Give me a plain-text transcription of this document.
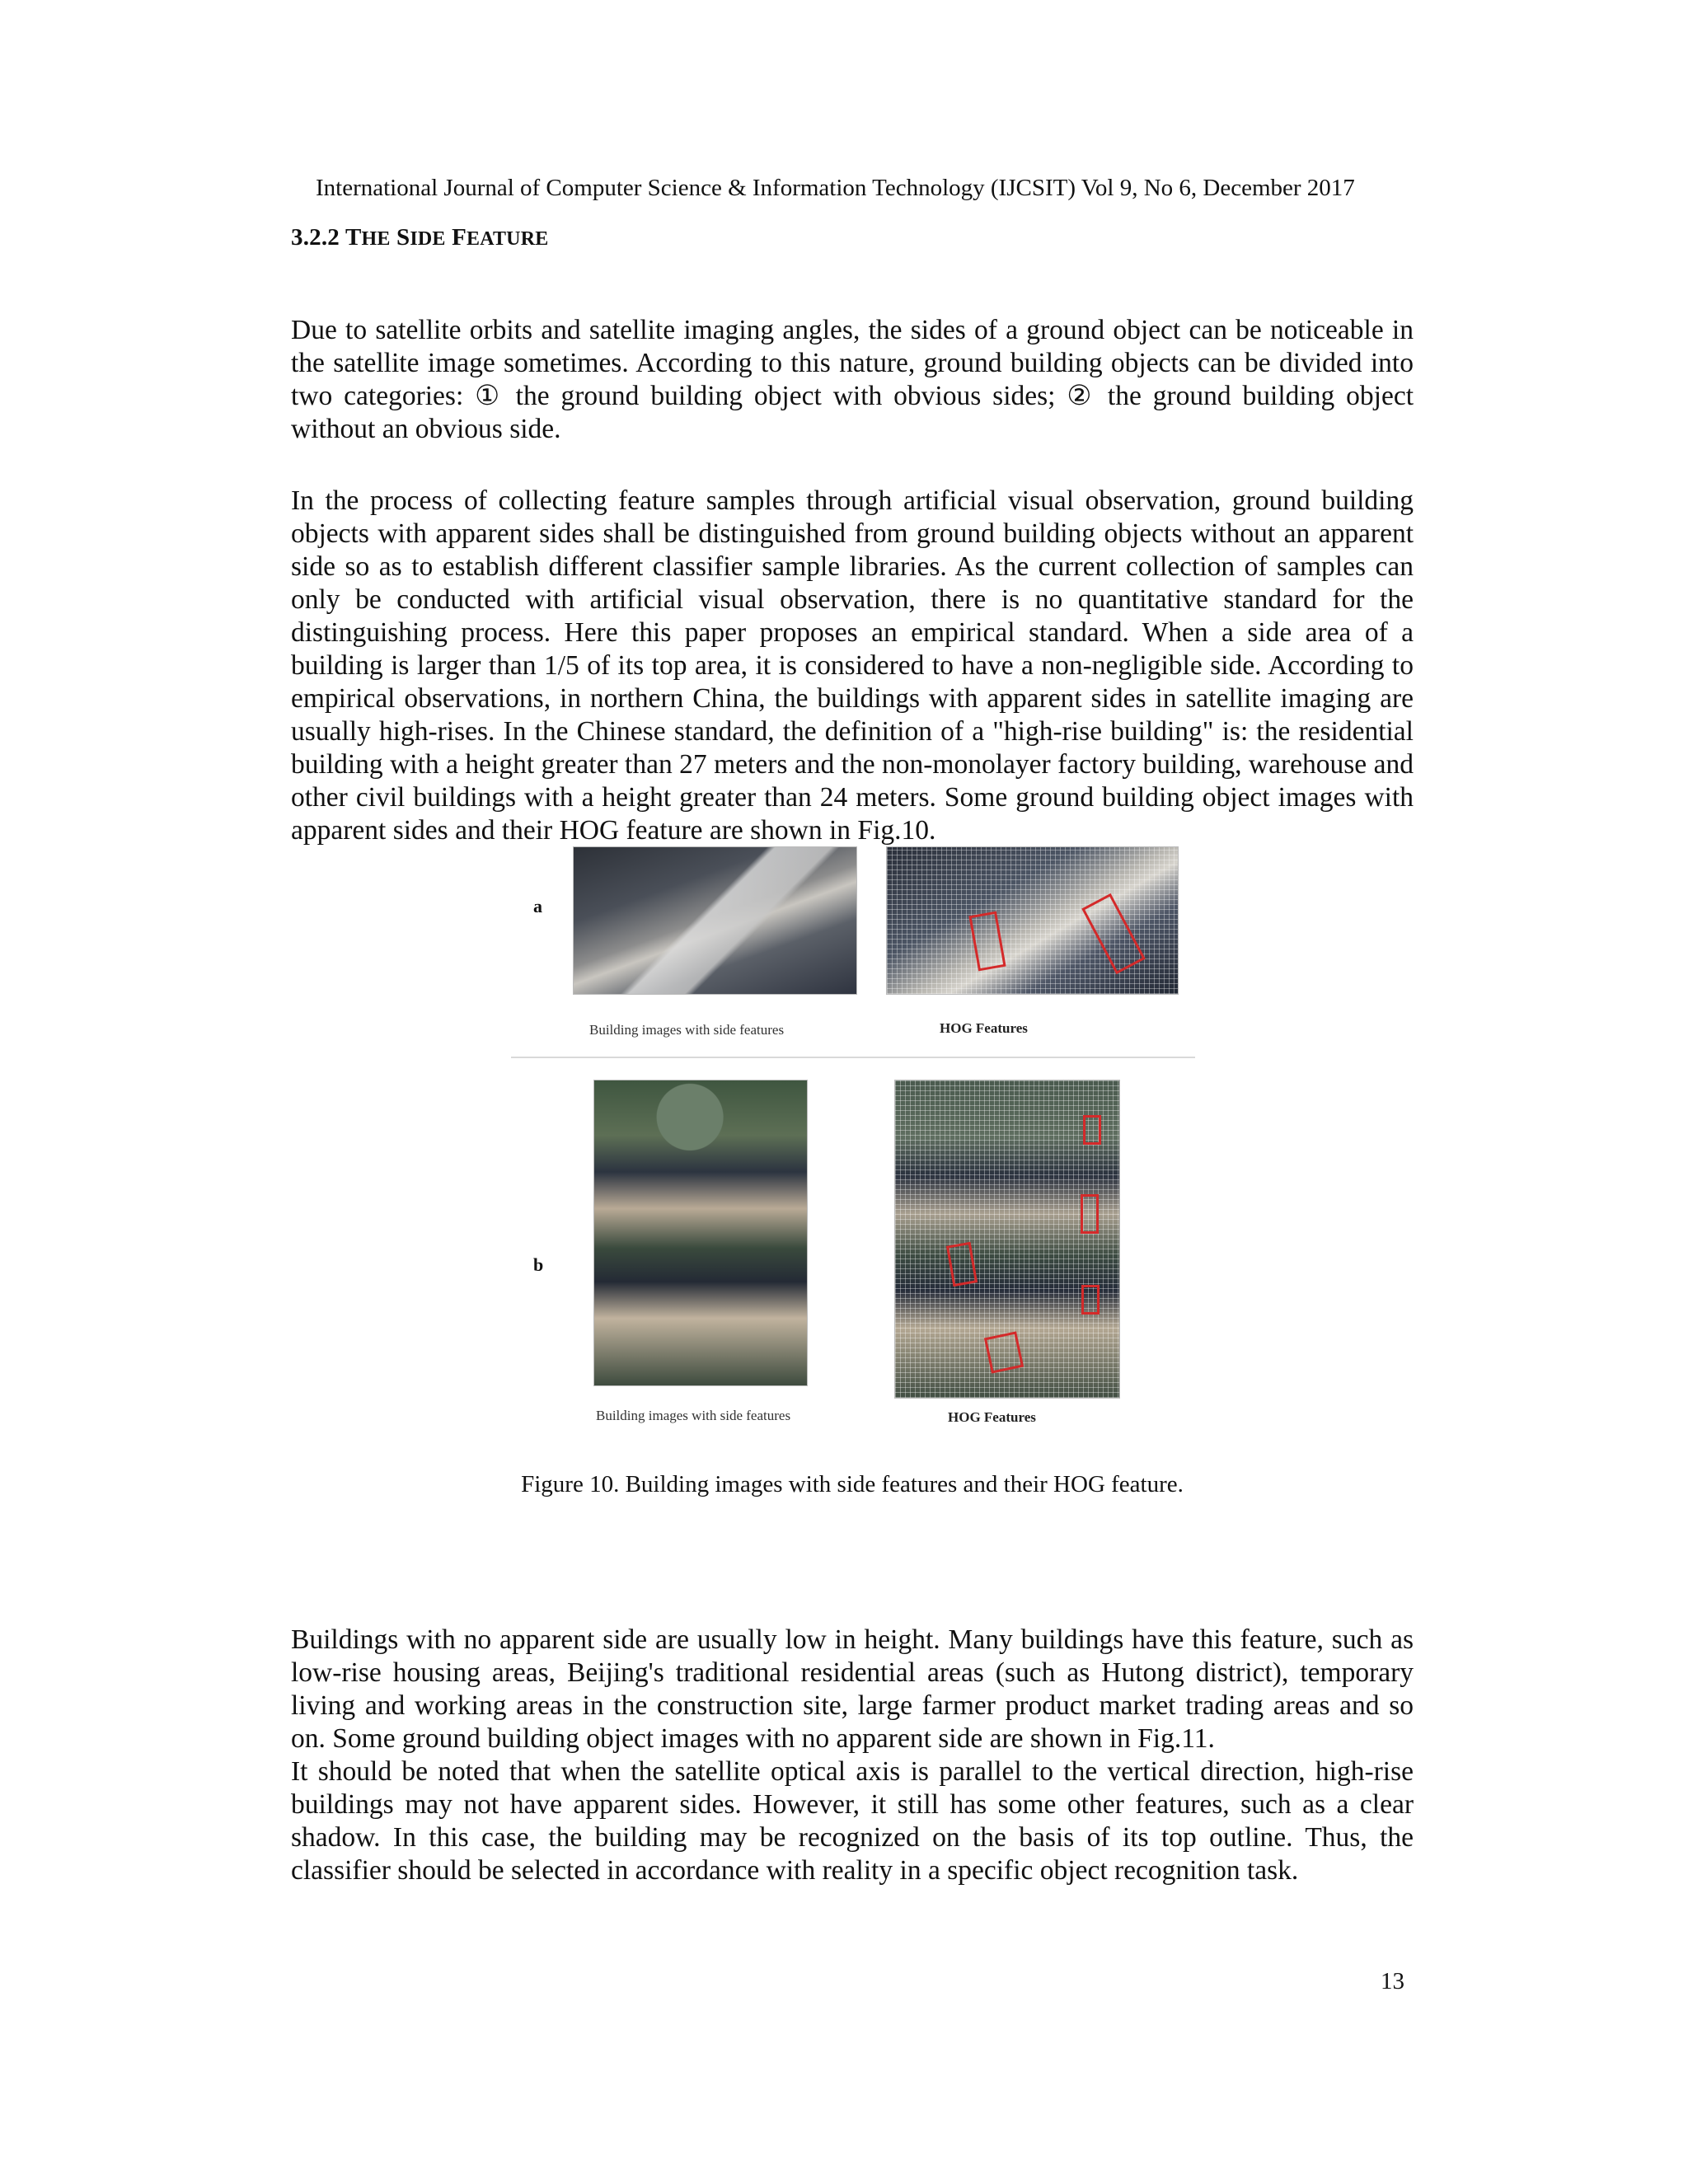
International Journal of Computer Science & Information Technology (IJCSIT) Vol 9, No 6, December 2017
3.2.2 THE SIDE FEATURE

Due to satellite orbits and satellite imaging angles, the sides of a ground object can be noticeable in the satellite image sometimes. According to this nature, ground building objects can be divided into two categories: ① the ground building object with obvious sides; ② the ground building object without an obvious side.

In the process of collecting feature samples through artificial visual observation, ground building objects with apparent sides shall be distinguished from ground building objects without an apparent side so as to establish different classifier sample libraries. As the current collection of samples can only be conducted with artificial visual observation, there is no quantitative standard for the distinguishing process. Here this paper proposes an empirical standard. When a side area of a building is larger than 1/5 of its top area, it is considered to have a non-negligible side. According to empirical observations, in northern China, the buildings with apparent sides in satellite imaging are usually high-rises. In the Chinese standard, the definition of a "high-rise building" is: the residential building with a height greater than 27 meters and the non-monolayer factory building, warehouse and other civil buildings with a height greater than 24 meters. Some ground building object images with apparent sides and their HOG feature are shown in Fig.10.

a
Building images with side features	HOG Features
b
Building images with side features	HOG Features
Figure 10. Building images with side features and their HOG feature.

Buildings with no apparent side are usually low in height. Many buildings have this feature, such as low-rise housing areas, Beijing's traditional residential areas (such as Hutong district), temporary living and working areas in the construction site, large farmer product market trading areas and so on. Some ground building object images with no apparent side are shown in Fig.11.

It should be noted that when the satellite optical axis is parallel to the vertical direction, high-rise buildings may not have apparent sides. However, it still has some other features, such as a clear shadow. In this case, the building may be recognized on the basis of its top outline. Thus, the classifier should be selected in accordance with reality in a specific object recognition task.

13
